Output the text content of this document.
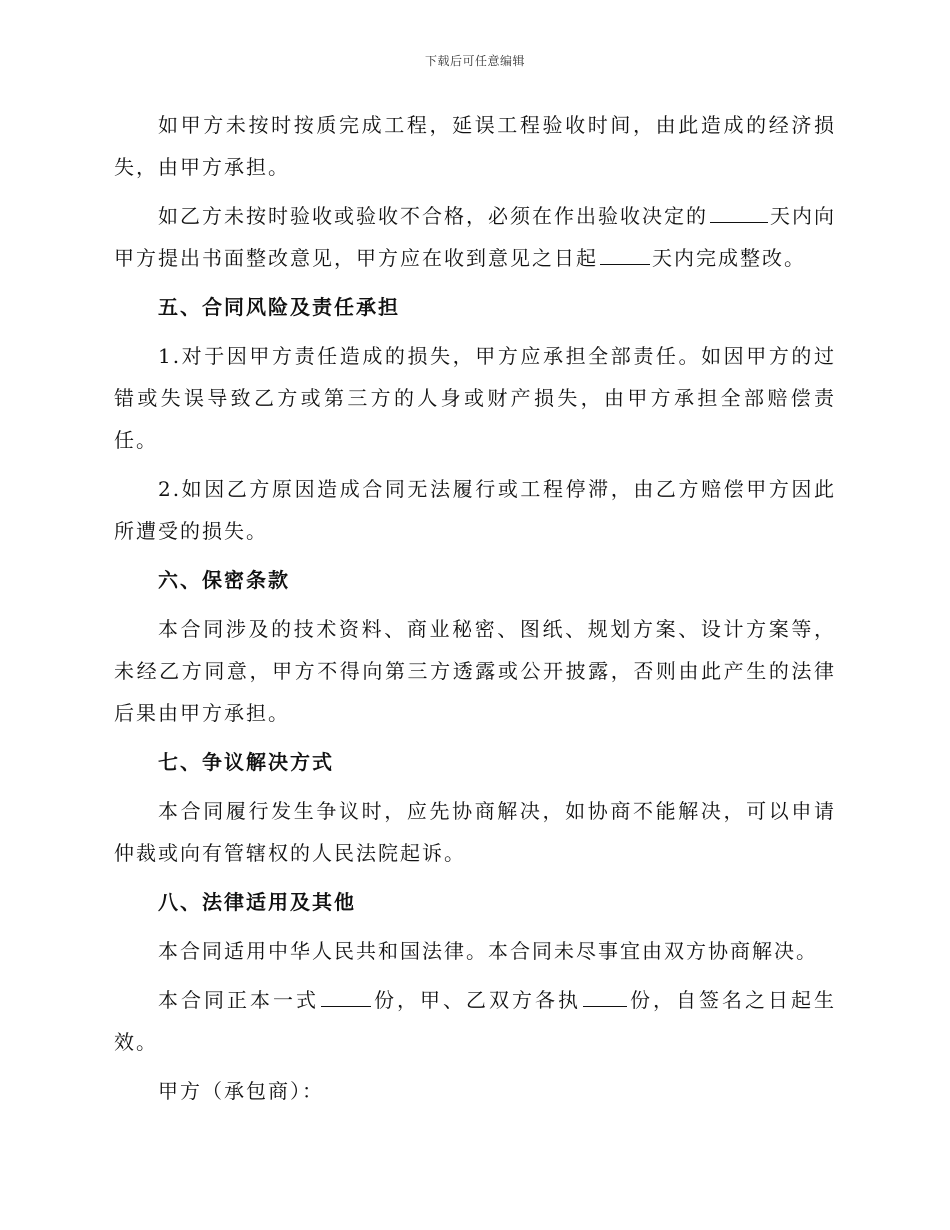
下载后可任意编辑

如甲方未按时按质完成工程，延误工程验收时间，由此造成的经济损失，由甲方承担。

如乙方未按时验收或验收不合格，必须在作出验收决定的	天内向甲方提出书面整改意见，甲方应在收到意见之日起	天内完成整改。

五、合同风险及责任承担

1.对于因甲方责任造成的损失，甲方应承担全部责任。如因甲方的过错或失误导致乙方或第三方的人身或财产损失，由甲方承担全部赔偿责任。

2.如因乙方原因造成合同无法履行或工程停滞，由乙方赔偿甲方因此所遭受的损失。

六、保密条款

本合同涉及的技术资料、商业秘密、图纸、规划方案、设计方案等，未经乙方同意，甲方不得向第三方透露或公开披露，否则由此产生的法律后果由甲方承担。

七、争议解决方式

本合同履行发生争议时，应先协商解决，如协商不能解决，可以申请仲裁或向有管辖权的人民法院起诉。

八、法律适用及其他

本合同适用中华人民共和国法律。本合同未尽事宜由双方协商解决。

本合同正本一式	份，甲、乙双方各执 份，自签名之日起生效。

甲方（承包商）：
